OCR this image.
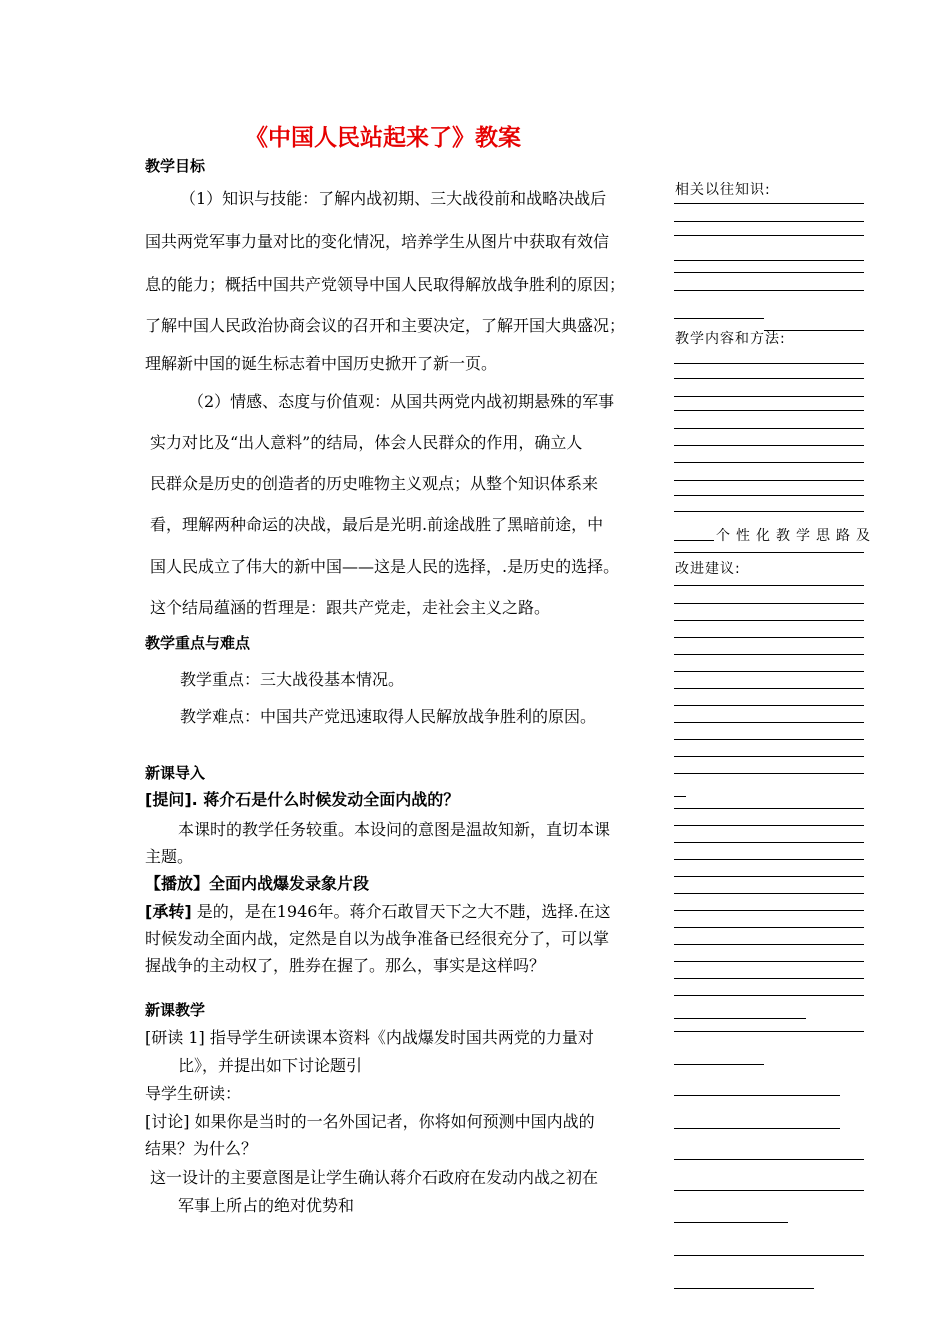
《中国人民站起来了》教案
教学目标
（1）知识与技能：了解内战初期、三大战役前和战略决战后
国共两党军事力量对比的变化情况，培养学生从图片中获取有效信
息的能力；概括中国共产党领导中国人民取得解放战争胜利的原因；
了解中国人民政治协商会议的召开和主要决定，了解开国大典盛况；
理解新中国的诞生标志着中国历史掀开了新一页。
（2）情感、态度与价值观：从国共两党内战初期悬殊的军事
实力对比及“出人意料”的结局，体会人民群众的作用，确立人
民群众是历史的创造者的历史唯物主义观点；从整个知识体系来
看，理解两种命运的决战，最后是光明.前途战胜了黑暗前途，中
国人民成立了伟大的新中国——这是人民的选择，.是历史的选择。
这个结局蕴涵的哲理是：跟共产党走，走社会主义之路。
教学重点与难点
教学重点：三大战役基本情况。
教学难点：中国共产党迅速取得人民解放战争胜利的原因。
新课导入
[提问]. 蒋介石是什么时候发动全面内战的？
本课时的教学任务较重。本设问的意图是温故知新，直切本课
主题。
【播放】全面内战爆发录象片段
[承转] 是的，是在1946年。蒋介石敢冒天下之大不韪，选择.在这
时候发动全面内战，定然是自以为战争准备已经很充分了，可以掌
握战争的主动权了，胜券在握了。那么，事实是这样吗？
新课教学
[研读 1] 指导学生研读课本资料《内战爆发时国共两党的力量对
比》，并提出如下讨论题引
导学生研读：
[讨论] 如果你是当时的一名外国记者，你将如何预测中国内战的
结果？为什么？
这一设计的主要意图是让学生确认蒋介石政府在发动内战之初在
军事上所占的绝对优势和
相关以往知识:
教学内容和方法:
个性化教学思路及
改进建议:
